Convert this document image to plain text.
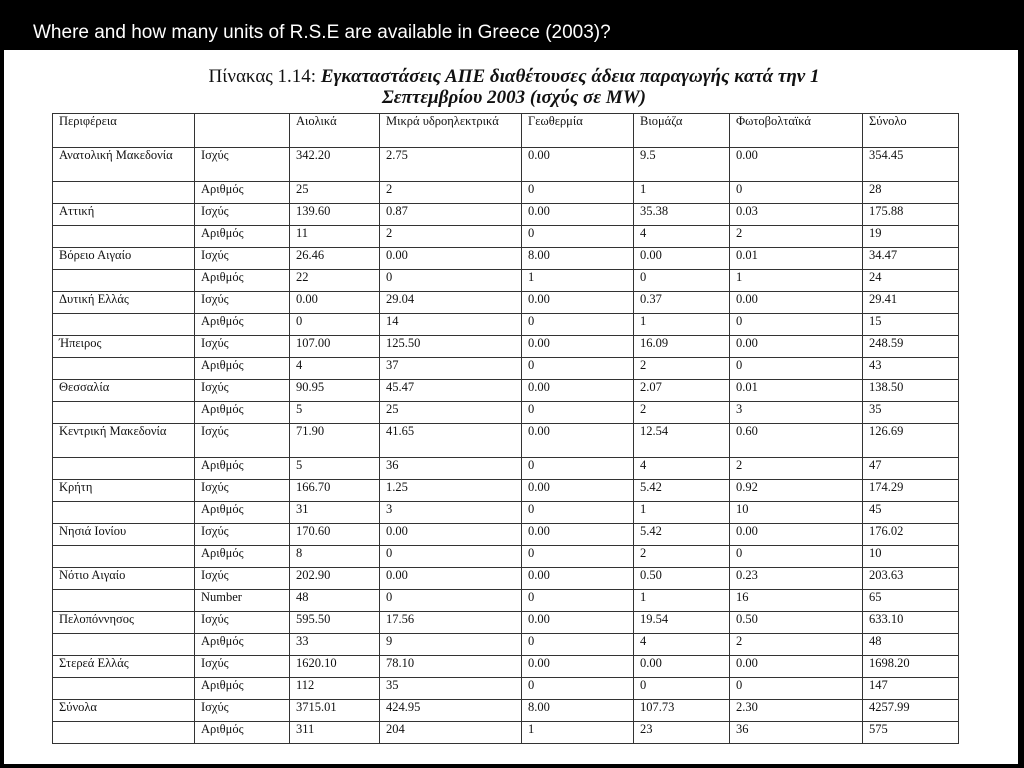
Where and how many units of R.S.E are available in Greece (2003)?
Πίνακας 1.14: Εγκαταστάσεις ΑΠΕ διαθέτουσες άδεια παραγωγής κατά την 1
Σεπτεμβρίου 2003 (ισχύς σε MW)
Περιφέρεια		Αιολικά	Μικρά υδροηλεκτρικά	Γεωθερμία	Βιομάζα	Φωτοβολταϊκά	Σύνολο
Ανατολική Μακεδονία	Ισχύς	342.20	2.75	0.00	9.5	0.00	354.45
	Αριθμός	25	2	0	1	0	28
Αττική	Ισχύς	139.60	0.87	0.00	35.38	0.03	175.88
	Αριθμός	11	2	0	4	2	19
Βόρειο Αιγαίο	Ισχύς	26.46	0.00	8.00	0.00	0.01	34.47
	Αριθμός	22	0	1	0	1	24
Δυτική Ελλάς	Ισχύς	0.00	29.04	0.00	0.37	0.00	29.41
	Αριθμός	0	14	0	1	0	15
Ήπειρος	Ισχύς	107.00	125.50	0.00	16.09	0.00	248.59
	Αριθμός	4	37	0	2	0	43
Θεσσαλία	Ισχύς	90.95	45.47	0.00	2.07	0.01	138.50
	Αριθμός	5	25	0	2	3	35
Κεντρική Μακεδονία	Ισχύς	71.90	41.65	0.00	12.54	0.60	126.69
	Αριθμός	5	36	0	4	2	47
Κρήτη	Ισχύς	166.70	1.25	0.00	5.42	0.92	174.29
	Αριθμός	31	3	0	1	10	45
Νησιά Ιονίου	Ισχύς	170.60	0.00	0.00	5.42	0.00	176.02
	Αριθμός	8	0	0	2	0	10
Νότιο Αιγαίο	Ισχύς	202.90	0.00	0.00	0.50	0.23	203.63
	Number	48	0	0	1	16	65
Πελοπόννησος	Ισχύς	595.50	17.56	0.00	19.54	0.50	633.10
	Αριθμός	33	9	0	4	2	48
Στερεά Ελλάς	Ισχύς	1620.10	78.10	0.00	0.00	0.00	1698.20
	Αριθμός	112	35	0	0	0	147
Σύνολα	Ισχύς	3715.01	424.95	8.00	107.73	2.30	4257.99
	Αριθμός	311	204	1	23	36	575
